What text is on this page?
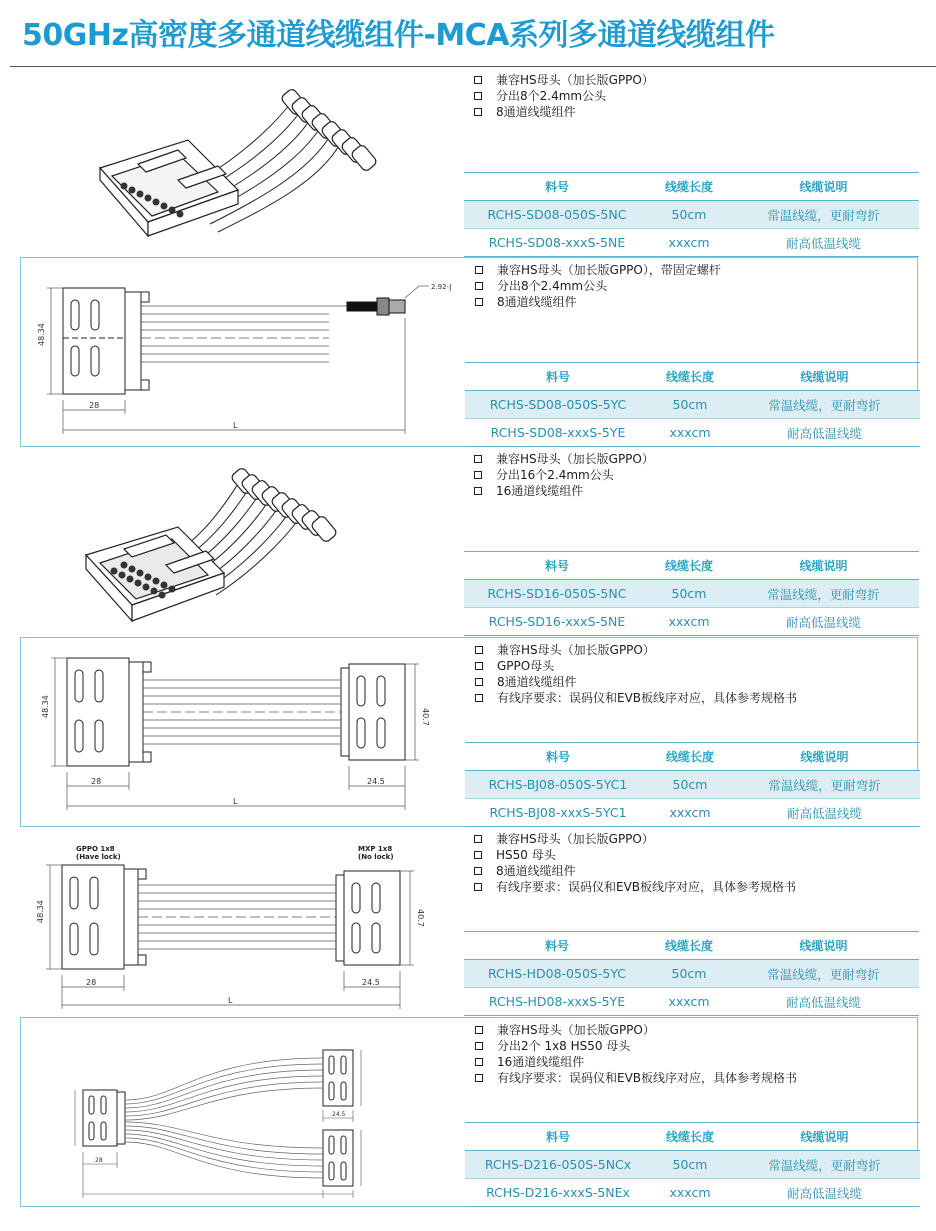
50GHz高密度多通道线缆组件-MCA系列多通道线缆组件
兼容HS母头（加长版GPPO）
分出8个2.4mm公头
8通道线缆组件
料号	线缆长度	线缆说明
RCHS-SD08-050S-5NC	50cm	常温线缆，更耐弯折
RCHS-SD08-xxxS-5NE	xxxcm	耐高低温线缆
2.92-J
48.34
28
L
兼容HS母头（加长版GPPO），带固定螺杆
分出8个2.4mm公头
8通道线缆组件
料号	线缆长度	线缆说明
RCHS-SD08-050S-5YC	50cm	常温线缆，更耐弯折
RCHS-SD08-xxxS-5YE	xxxcm	耐高低温线缆
兼容HS母头（加长版GPPO）
分出16个2.4mm公头
16通道线缆组件
料号	线缆长度	线缆说明
RCHS-SD16-050S-5NC	50cm	常温线缆，更耐弯折
RCHS-SD16-xxxS-5NE	xxxcm	耐高低温线缆
48.34	40.7
28	24.5
L
兼容HS母头（加长版GPPO）
GPPO母头
8通道线缆组件
有线序要求：误码仪和EVB板线序对应，具体参考规格书
料号	线缆长度	线缆说明
RCHS-BJ08-050S-5YC1	50cm	常温线缆，更耐弯折
RCHS-BJ08-xxxS-5YC1	xxxcm	耐高低温线缆
GPPO 1x8
(Have lock)
MXP 1x8
(No lock)
48.34	40.7
28	24.5
L
兼容HS母头（加长版GPPO）
HS50 母头
8通道线缆组件
有线序要求：误码仪和EVB板线序对应，具体参考规格书
料号	线缆长度	线缆说明
RCHS-HD08-050S-5YC	50cm	常温线缆，更耐弯折
RCHS-HD08-xxxS-5YE	xxxcm	耐高低温线缆
28
24.5
兼容HS母头（加长版GPPO）
分出2个 1x8 HS50 母头
16通道线缆组件
有线序要求：误码仪和EVB板线序对应，具体参考规格书
料号	线缆长度	线缆说明
RCHS-D216-050S-5NCx	50cm	常温线缆，更耐弯折
RCHS-D216-xxxS-5NEx	xxxcm	耐高低温线缆
